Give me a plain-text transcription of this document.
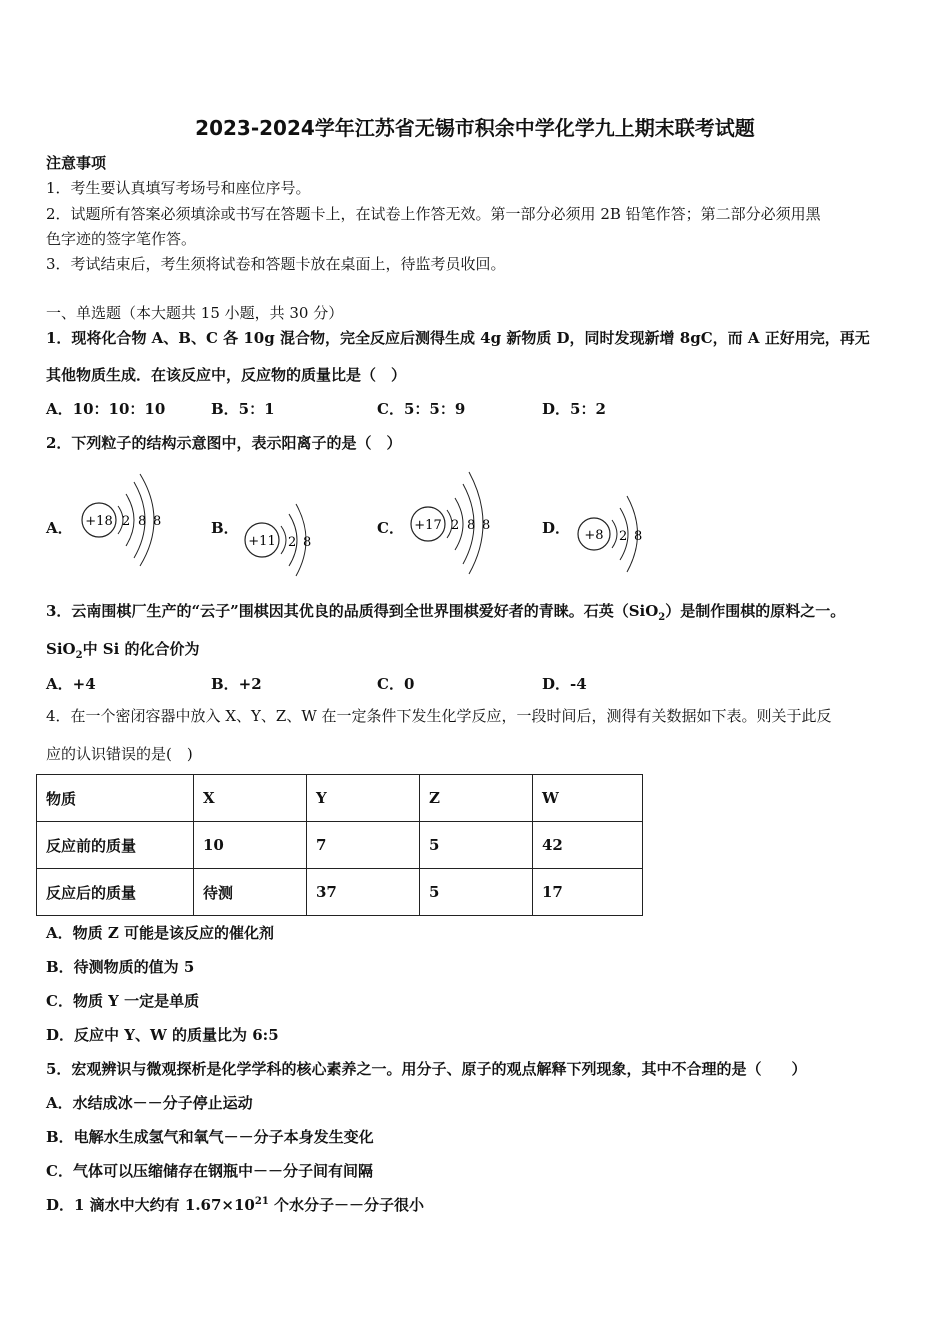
2023-2024学年江苏省无锡市积余中学化学九上期末联考试题
注意事项
1．考生要认真填写考场号和座位序号。
2．试题所有答案必须填涂或书写在答题卡上，在试卷上作答无效。第一部分必须用 2B 铅笔作答；第二部分必须用黑
色字迹的签字笔作答。
3．考试结束后，考生须将试卷和答题卡放在桌面上，待监考员收回。
一、单选题（本大题共 15 小题，共 30 分）
1．现将化合物 A、B、C 各 10g 混合物，完全反应后测得生成 4g 新物质 D，同时发现新增 8gC，而 A 正好用完，再无
其他物质生成．在该反应中，反应物的质量比是（　）
A．10：10：10	B．5：1	C．5：5：9	D．5：2
2．下列粒子的结构示意图中，表示阳离子的是（　）
A． +18 2 8 8	B．
+11 2 8
C． +17 2 8 8	D． +8 2 8
3．云南围棋厂生产的“云子”围棋因其优良的品质得到全世界围棋爱好者的青睐。石英（SiO$_2$）是制作围棋的原料之一。
SiO$_2$中 Si 的化合价为
A．+4	B．+2	C．0	D．-4
4．在一个密闭容器中放入 X、Y、Z、W 在一定条件下发生化学反应，一段时间后，测得有关数据如下表。则关于此反
应的认识错误的是(　)
物质	X	Y	Z	W
反应前的质量	10	7	5	42
反应后的质量	待测	37	5	17
A．物质 Z 可能是该反应的催化剂
B．待测物质的值为 5
C．物质 Y 一定是单质
D．反应中 Y、W 的质量比为 6:5
5．宏观辨识与微观探析是化学学科的核心素养之一。用分子、原子的观点解释下列现象，其中不合理的是（　　）
A．水结成冰－－分子停止运动
B．电解水生成氢气和氧气－－分子本身发生变化
C．气体可以压缩储存在钢瓶中－－分子间有间隔
D．1 滴水中大约有 $1.67\times 10^{21}$ 个水分子－－分子很小
